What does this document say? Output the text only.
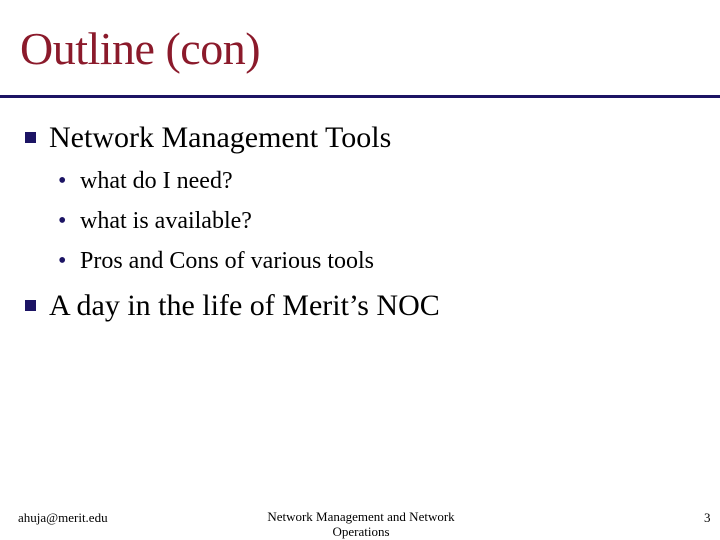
Outline (con)
Network Management Tools
• what do I need?
• what is available?
• Pros and Cons of various tools
A day in the life of Merit’s NOC
ahuja@merit.edu	Network Management and Network Operations
3
